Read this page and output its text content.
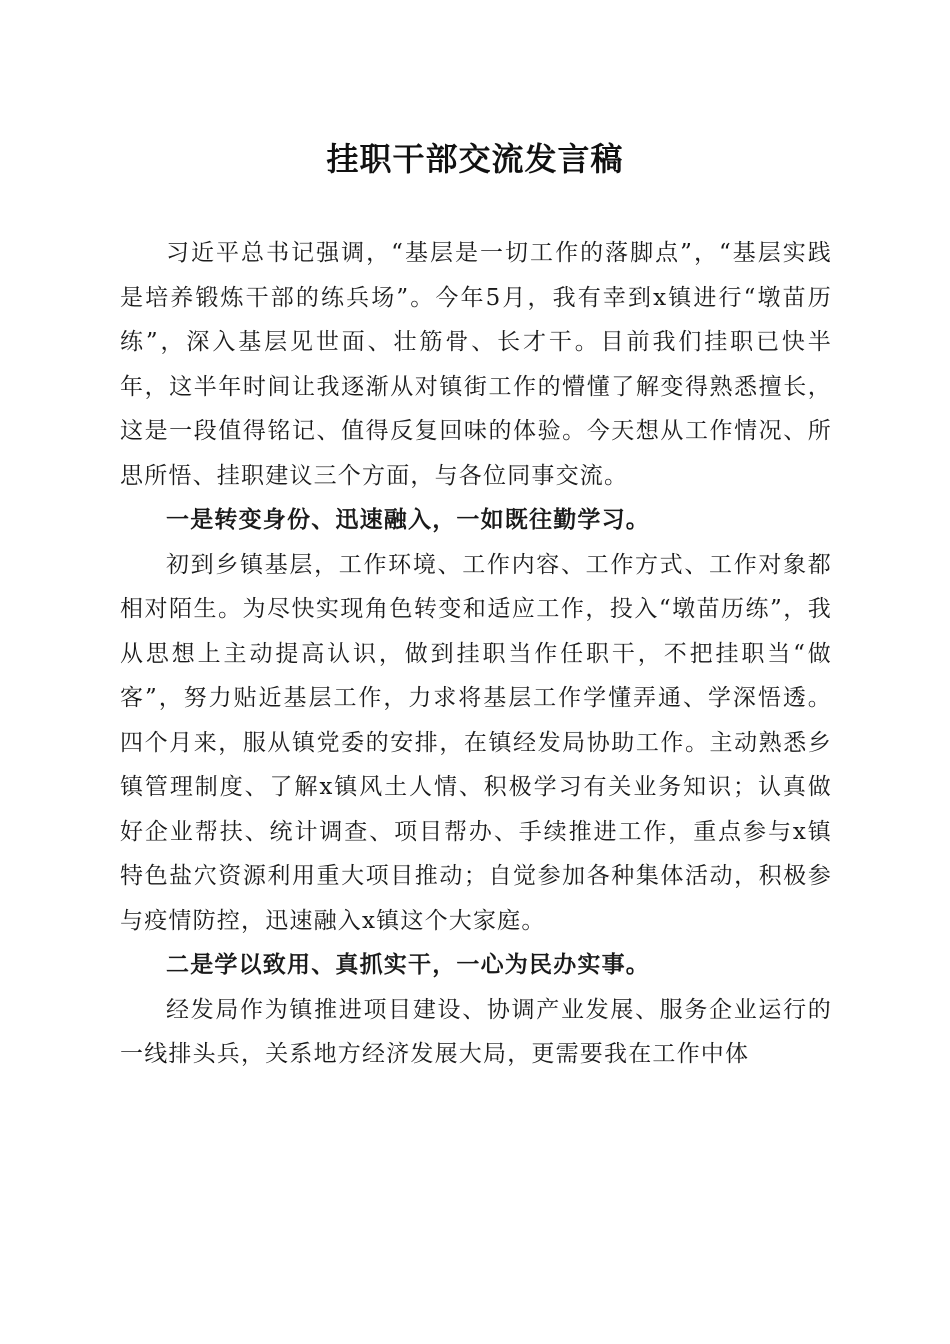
挂职干部交流发言稿

习近平总书记强调，“基层是一切工作的落脚点”，“基层实践是培养锻炼干部的练兵场”。今年5月，我有幸到x镇进行“墩苗历练”，深入基层见世面、壮筋骨、长才干。目前我们挂职已快半年，这半年时间让我逐渐从对镇街工作的懵懂了解变得熟悉擅长，这是一段值得铭记、值得反复回味的体验。今天想从工作情况、所思所悟、挂职建议三个方面，与各位同事交流。

一是转变身份、迅速融入，一如既往勤学习。

初到乡镇基层，工作环境、工作内容、工作方式、工作对象都相对陌生。为尽快实现角色转变和适应工作，投入“墩苗历练”，我从思想上主动提高认识，做到挂职当作任职干，不把挂职当“做客”，努力贴近基层工作，力求将基层工作学懂弄通、学深悟透。四个月来，服从镇党委的安排，在镇经发局协助工作。主动熟悉乡镇管理制度、了解x镇风土人情、积极学习有关业务知识；认真做好企业帮扶、统计调查、项目帮办、手续推进工作，重点参与x镇特色盐穴资源利用重大项目推动；自觉参加各种集体活动，积极参与疫情防控，迅速融入x镇这个大家庭。

二是学以致用、真抓实干，一心为民办实事。

经发局作为镇推进项目建设、协调产业发展、服务企业运行的一线排头兵，关系地方经济发展大局，更需要我在工作中体
